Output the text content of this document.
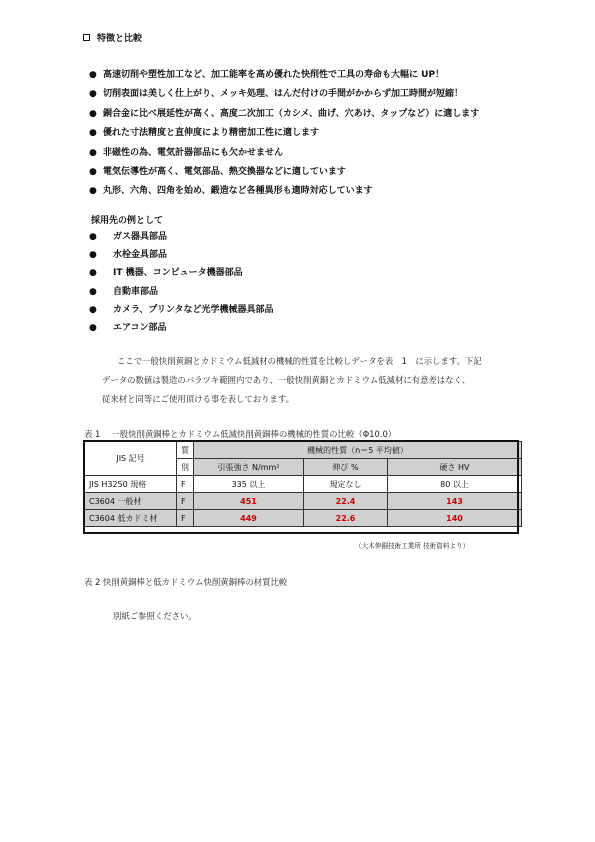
特徴と比較
● 高速切削や塑性加工など、加工能率を高め優れた快削性で工具の寿命も大幅に UP！
● 切削表面は美しく仕上がり、メッキ処理、はんだ付けの手間がかからず加工時間が短縮！
● 銅合金に比べ展延性が高く、高度二次加工（カシメ、曲げ、穴あけ、タップなど）に適します
● 優れた寸法精度と直伸度により精密加工性に適します
● 非磁性の為、電気計器部品にも欠かせません
● 電気伝導性が高く、電気部品、熱交換器などに適しています
● 丸形、六角、四角を始め、鍛造など各種異形も適時対応しています
採用先の例として
●	ガス器具部品
●	水栓金具部品
●	IT 機器、コンピュータ機器部品
●	自動車部品
●	カメラ、プリンタなど光学機械器具部品
●	エアコン部品
ここで一般快削黄銅とカドミウム低減材の機械的性質を比較しデータを表　1　に示します。下記
データの数値は製造のバラツキ範囲内であり、一般快削黄銅とカドミウム低減材に有意差はなく、
従来材と同等にご使用頂ける事を表しております。
表 1　 一般快削黄銅棒とカドミウム低減快削黄銅棒の機械的性質の比較（Φ10.0）
JIS 記号	質	機械的性質（n＝5 平均値）		
	別	引張強さ N/mm²	伸び %	硬さ HV
JIS H3250 規格	F	335 以上	規定なし	80 以上
C3604 一般材	F	451	22.4	143
C3604 低カドミ材	F	449	22.6	140
（大木伸銅技術工業所 技術資料より）
表 2 快削黄銅棒と低カドミウム快削黄銅棒の材質比較
別紙ご参照ください。
